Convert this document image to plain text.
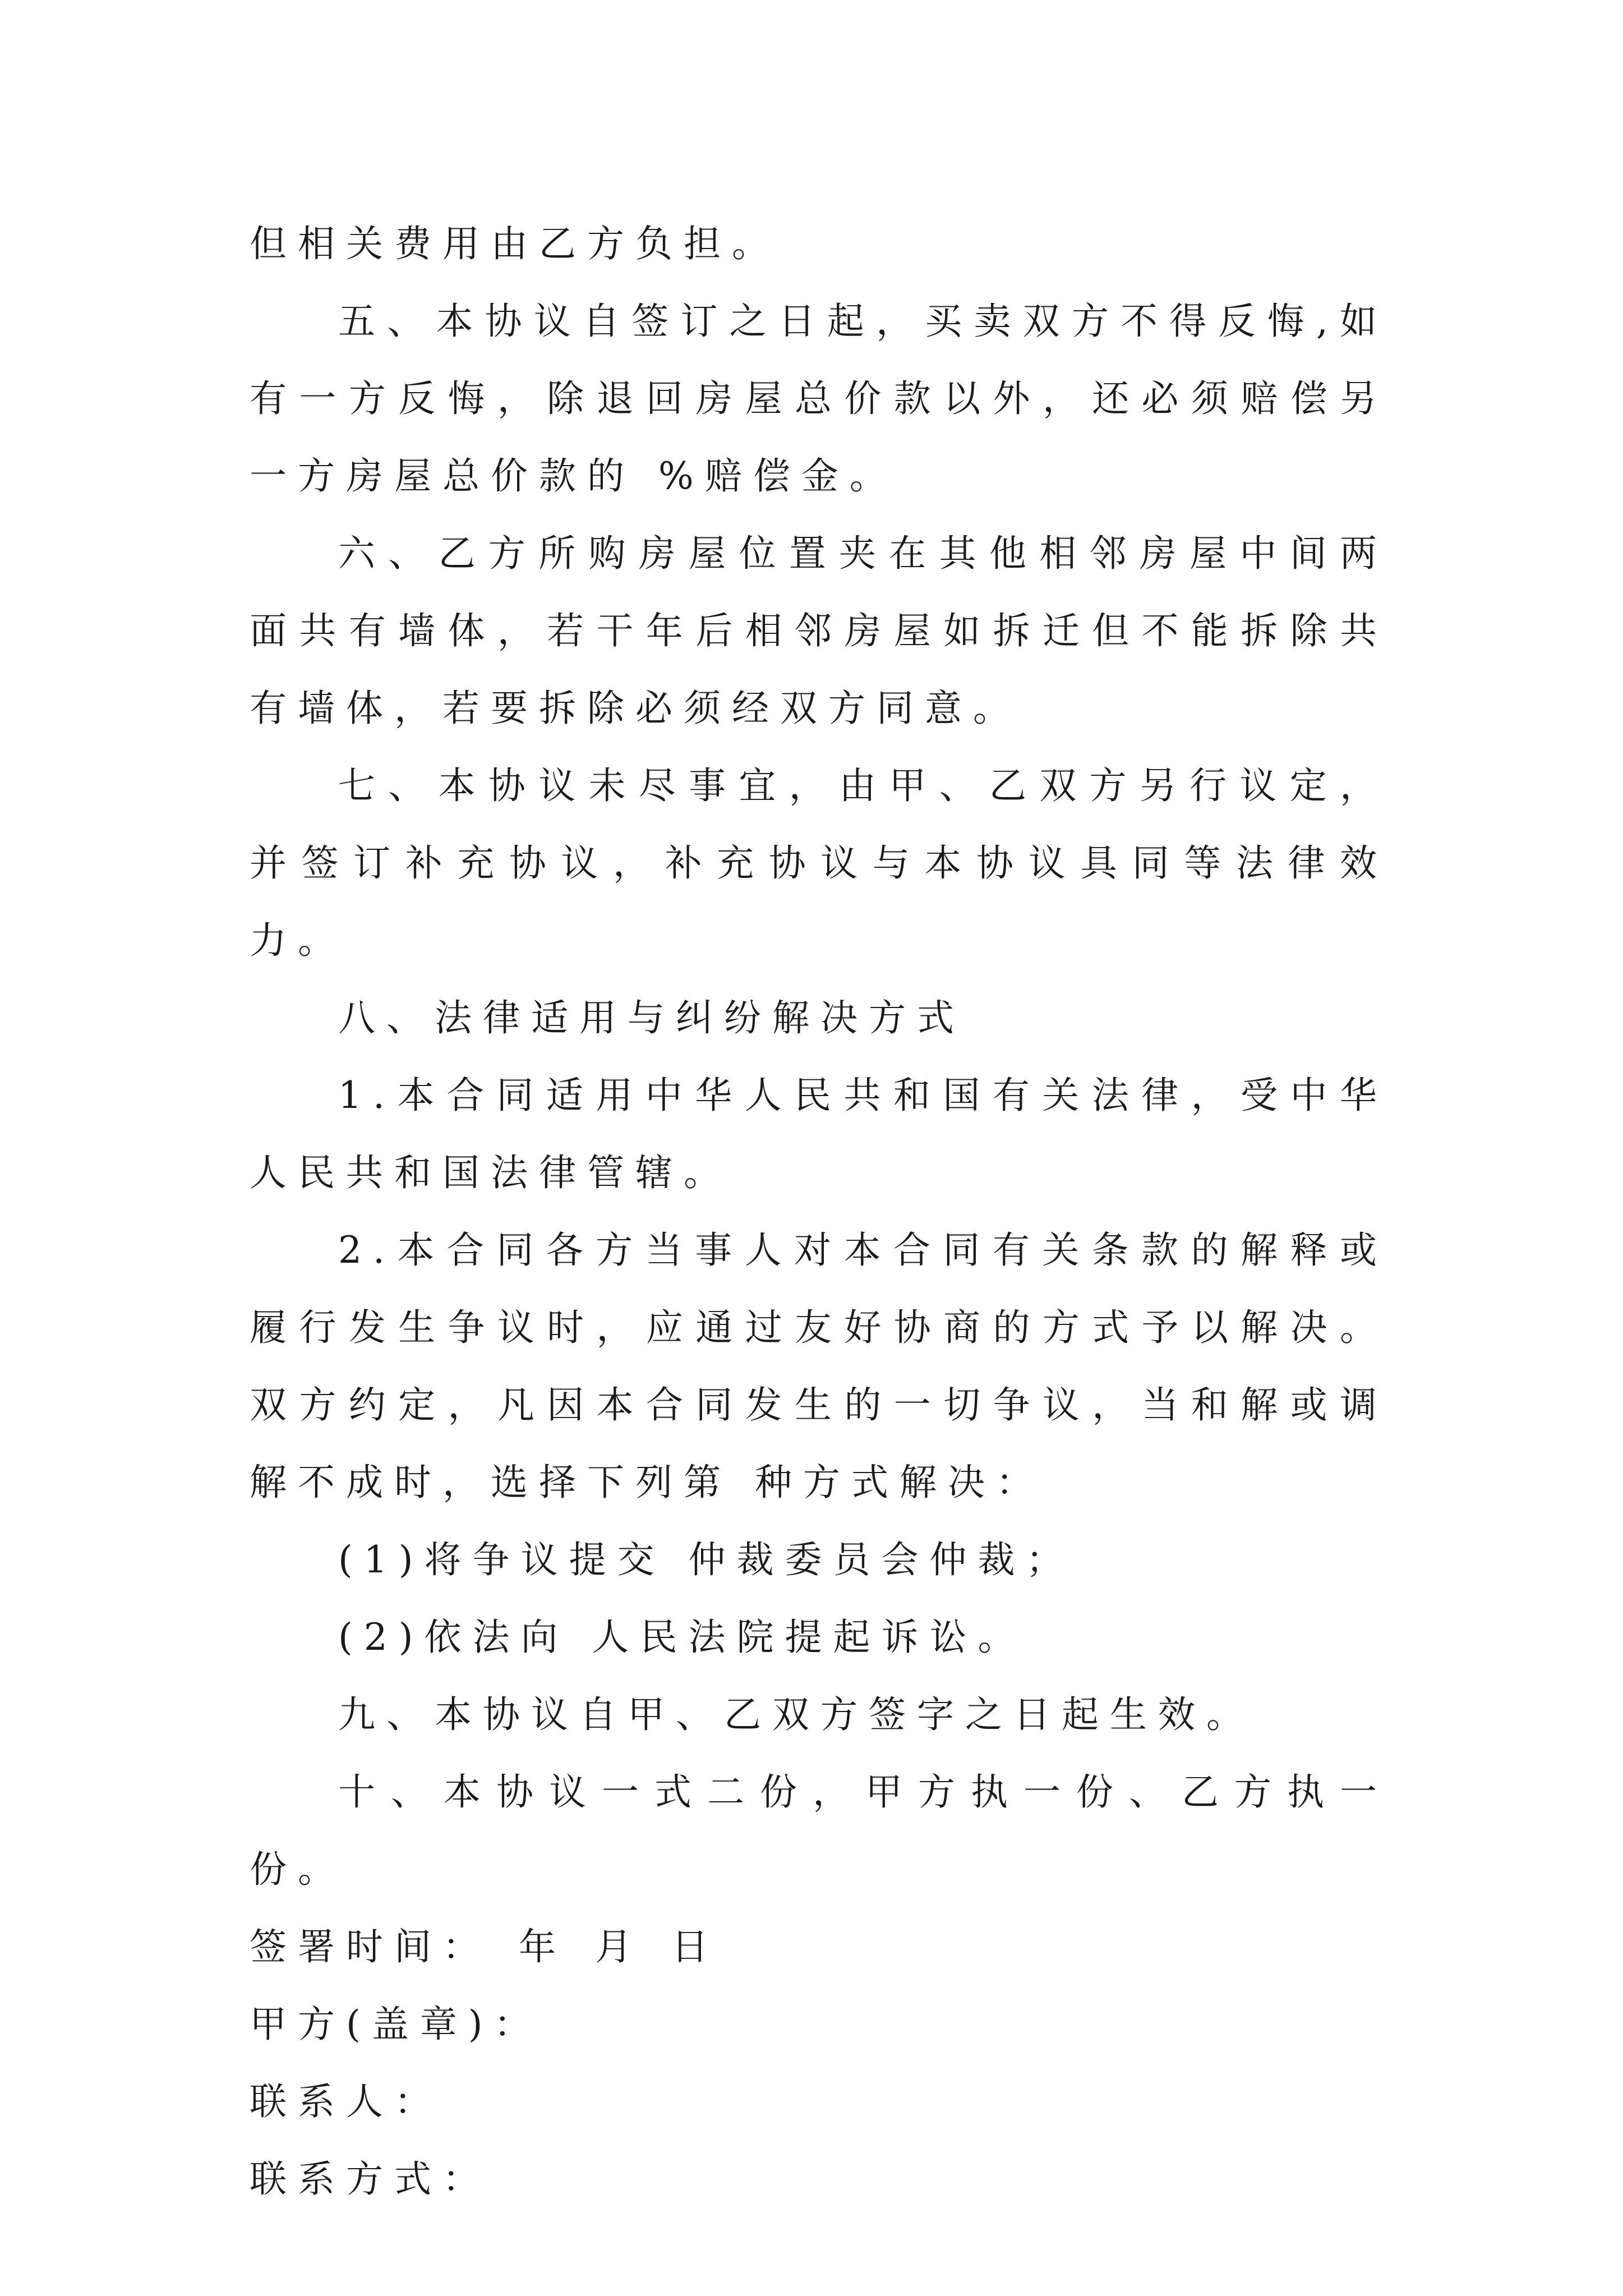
但相关费用由乙方负担。

五、本协议自签订之日起，买卖双方不得反悔,如有一方反悔，除退回房屋总价款以外，还必须赔偿另一方房屋总价款的 %赔偿金。

六、乙方所购房屋位置夹在其他相邻房屋中间两面共有墙体，若干年后相邻房屋如拆迁但不能拆除共有墙体，若要拆除必须经双方同意。

七、本协议未尽事宜，由甲、乙双方另行议定，并签订补充协议，补充协议与本协议具同等法律效力。

八、法律适用与纠纷解决方式

1.本合同适用中华人民共和国有关法律，受中华人民共和国法律管辖。

2.本合同各方当事人对本合同有关条款的解释或履行发生争议时，应通过友好协商的方式予以解决。双方约定，凡因本合同发生的一切争议，当和解或调解不成时，选择下列第 种方式解决：

(1)将争议提交 仲裁委员会仲裁；

(2)依法向 人民法院提起诉讼。

九、本协议自甲、乙双方签字之日起生效。

十、本协议一式二份，甲方执一份、乙方执一份。

签署时间： 年 月 日

甲方(盖章)：

联系人：

联系方式：
